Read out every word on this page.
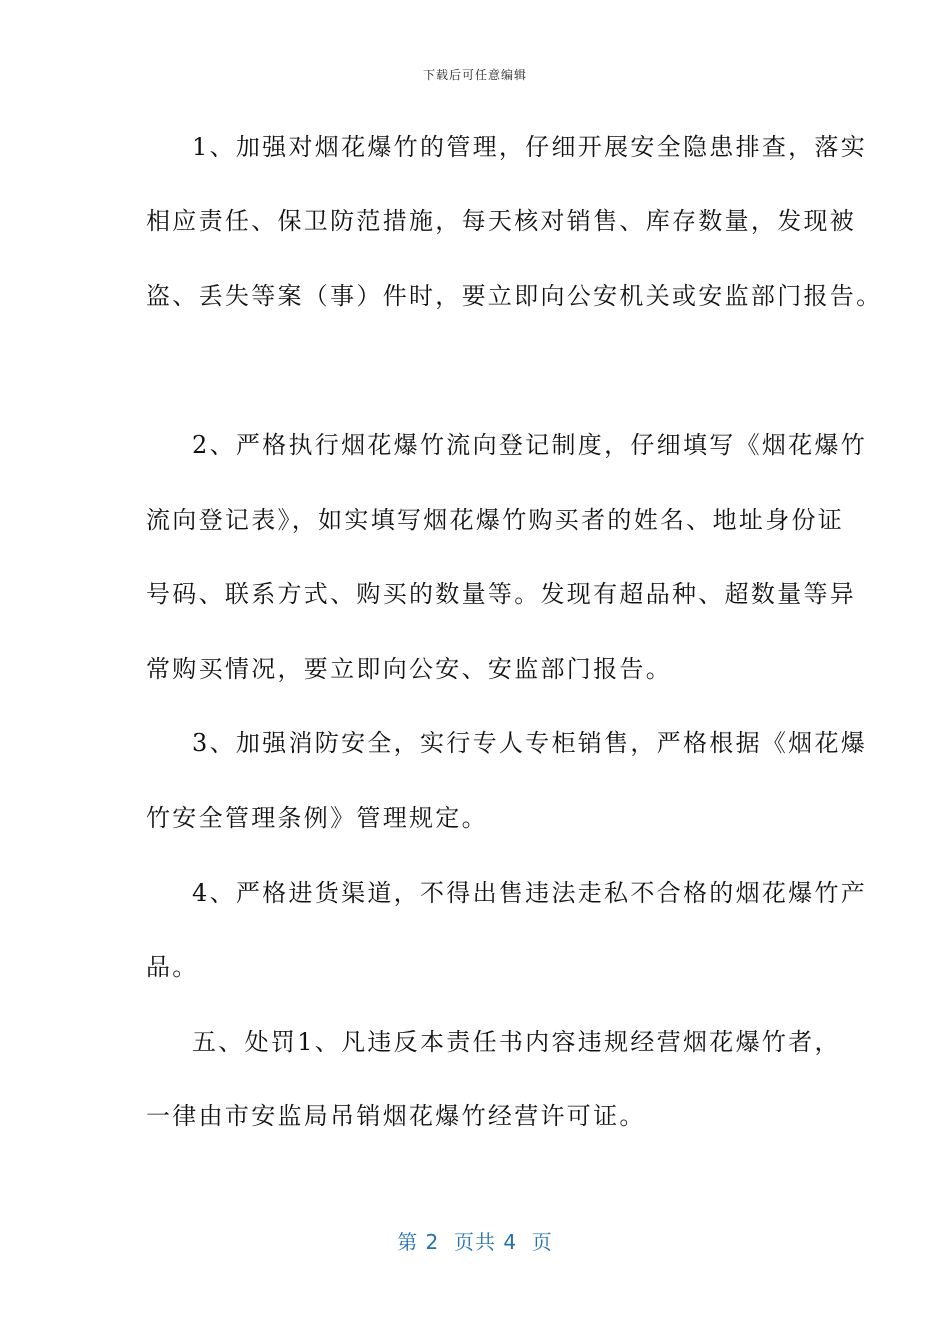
下载后可任意编辑
1、加强对烟花爆竹的管理，仔细开展安全隐患排查，落实
相应责任、保卫防范措施，每天核对销售、库存数量，发现被
盗、丢失等案（事）件时，要立即向公安机关或安监部门报告。
2、严格执行烟花爆竹流向登记制度，仔细填写《烟花爆竹
流向登记表》，如实填写烟花爆竹购买者的姓名、地址身份证
号码、联系方式、购买的数量等。发现有超品种、超数量等异
常购买情况，要立即向公安、安监部门报告。
3、加强消防安全，实行专人专柜销售，严格根据《烟花爆
竹安全管理条例》管理规定。
4、严格进货渠道，不得出售违法走私不合格的烟花爆竹产
品。
五、处罚1、凡违反本责任书内容违规经营烟花爆竹者，
一律由市安监局吊销烟花爆竹经营许可证。
第 2  页共 4  页
